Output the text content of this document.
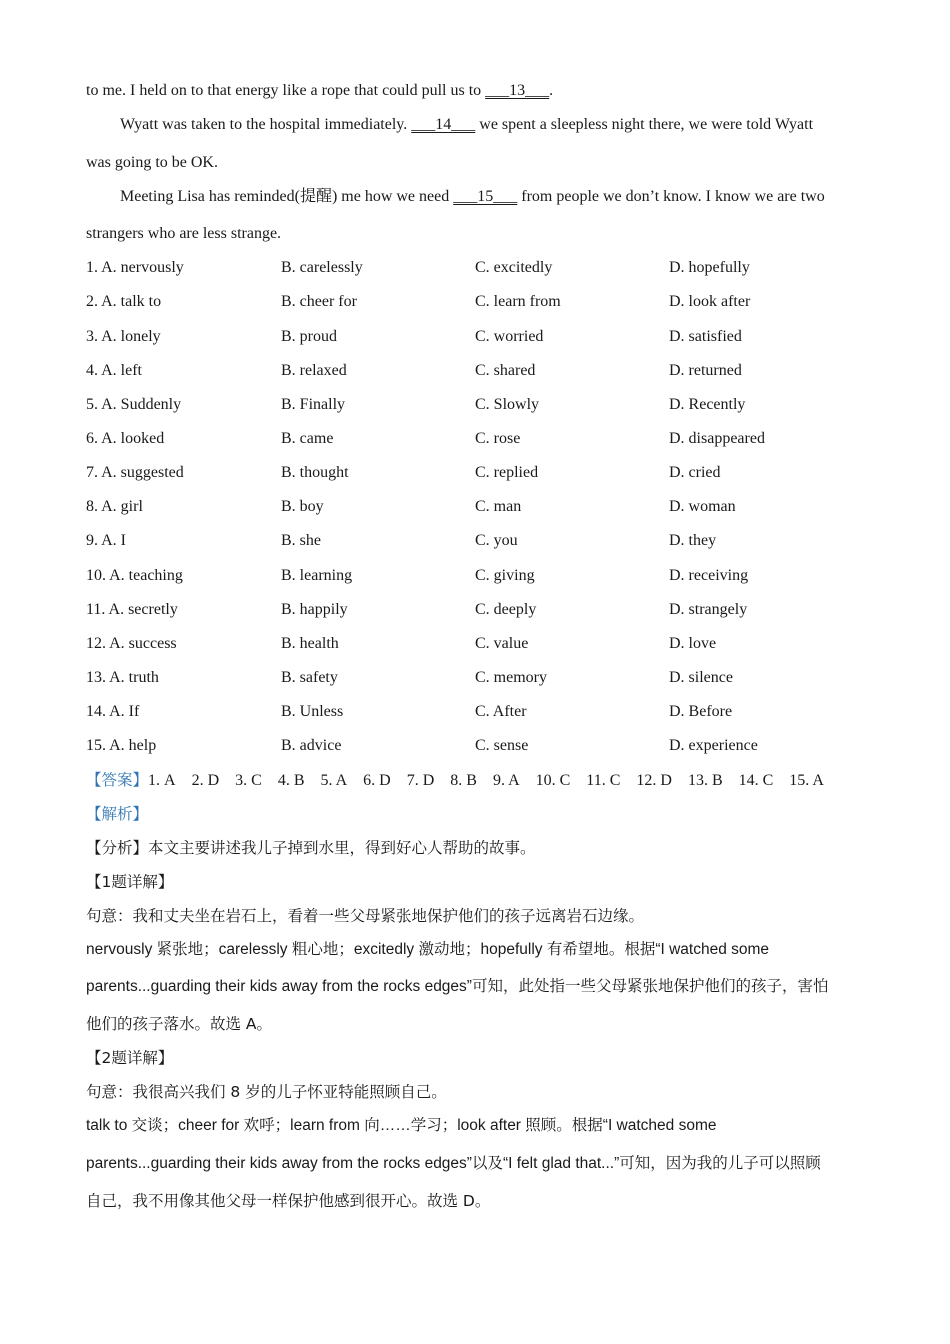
to me. I held on to that energy like a rope that could pull us to ___13___.
Wyatt was taken to the hospital immediately. ___14___ we spent a sleepless night there, we were told Wyatt
was going to be OK.
Meeting Lisa has reminded(提醒) me how we need ___15___ from people we don’t know. I know we are two
strangers who are less strange.
1. A. nervously	B. carelessly	C. excitedly	D. hopefully
2. A. talk to	B. cheer for	C. learn from	D. look after
3. A. lonely	B. proud	C. worried	D. satisfied
4. A. left	B. relaxed	C. shared	D. returned
5. A. Suddenly	B. Finally	C. Slowly	D. Recently
6. A. looked	B. came	C. rose	D. disappeared
7. A. suggested	B. thought	C. replied	D. cried
8. A. girl	B. boy	C. man	D. woman
9. A. I	B. she	C. you	D. they
10. A. teaching	B. learning	C. giving	D. receiving
11. A. secretly	B. happily	C. deeply	D. strangely
12. A. success	B. health	C. value	D. love
13. A. truth	B. safety	C. memory	D. silence
14. A. If	B. Unless	C. After	D. Before
15. A. help	B. advice	C. sense	D. experience
【答案】1. A 2. D 3. C 4. B 5. A 6. D 7. D 8. B 9. A 10. C 11. C 12. D 13. B 14. C 15. A
【解析】
【分析】本文主要讲述我儿子掉到水里，得到好心人帮助的故事。
【1题详解】
句意：我和丈夫坐在岩石上，看着一些父母紧张地保护他们的孩子远离岩石边缘。
nervously 紧张地；carelessly 粗心地；excitedly 激动地；hopefully 有希望地。根据“I watched some
parents...guarding their kids away from the rocks edges”可知，此处指一些父母紧张地保护他们的孩子，害怕
他们的孩子落水。故选 A。
【2题详解】
句意：我很高兴我们 8 岁的儿子怀亚特能照顾自己。
talk to 交谈；cheer for 欢呼；learn from 向……学习；look after 照顾。根据“I watched some
parents...guarding their kids away from the rocks edges”以及“I felt glad that...”可知，因为我的儿子可以照顾
自己，我不用像其他父母一样保护他感到很开心。故选 D。
